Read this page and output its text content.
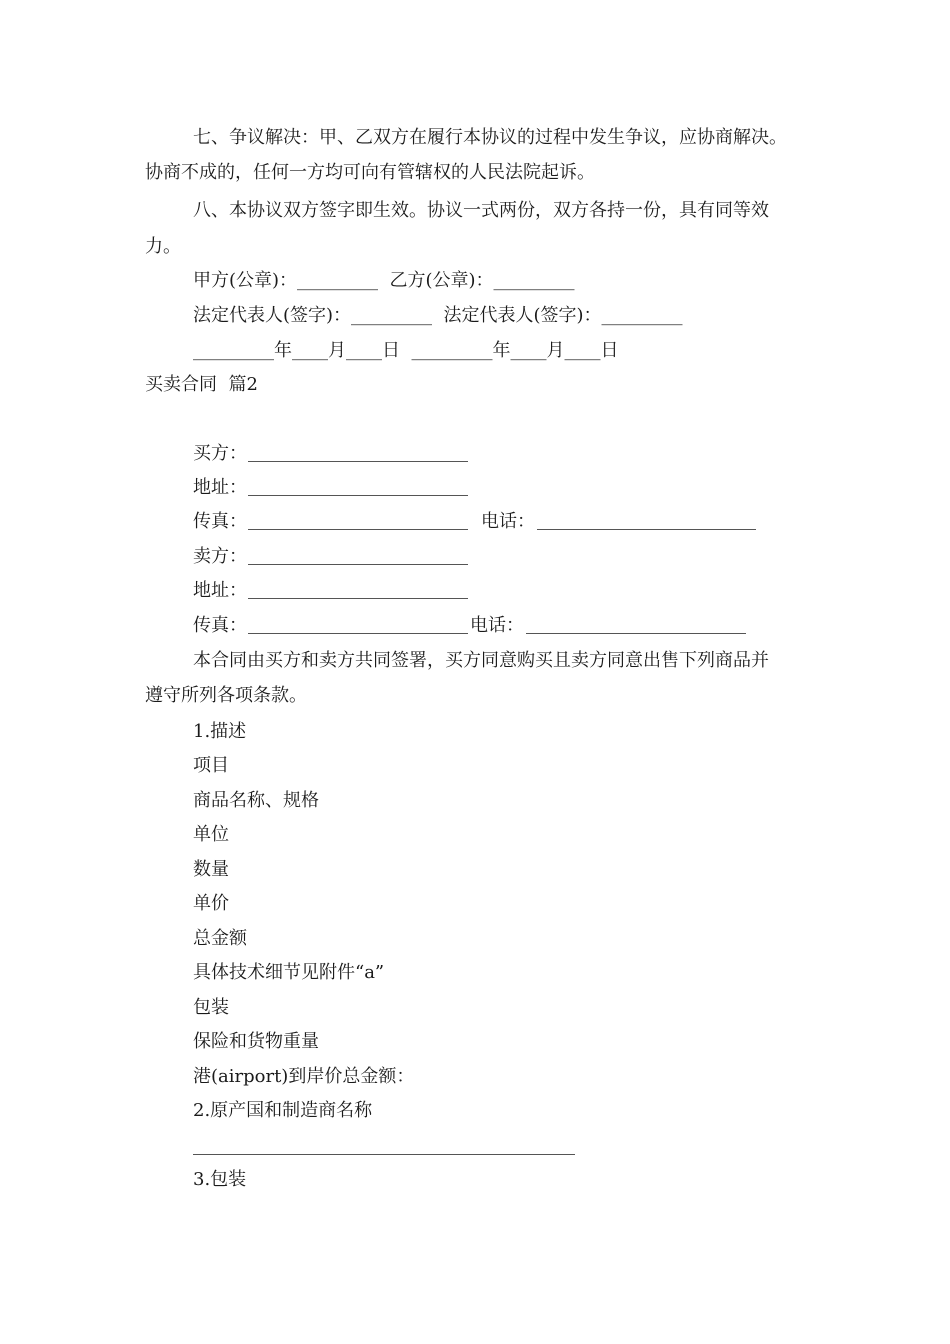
七、争议解决：甲、乙双方在履行本协议的过程中发生争议，应协商解决。
协商不成的，任何一方均可向有管辖权的人民法院起诉。
八、本协议双方签字即生效。协议一式两份，双方各持一份，具有同等效
力。
甲方(公章)：_________  乙方(公章)：_________
法定代表人(签字)：_________  法定代表人(签字)：_________
_________年____月____日  _________年____月____日
买卖合同  篇2
买方：
地址：
传真：	电话：
卖方：
地址：
传真：	电话：
本合同由买方和卖方共同签署，买方同意购买且卖方同意出售下列商品并
遵守所列各项条款。
1.描述
项目
商品名称、规格
单位
数量
单价
总金额
具体技术细节见附件“a”
包装
保险和货物重量
港(airport)到岸价总金额：
2.原产国和制造商名称
3.包装
